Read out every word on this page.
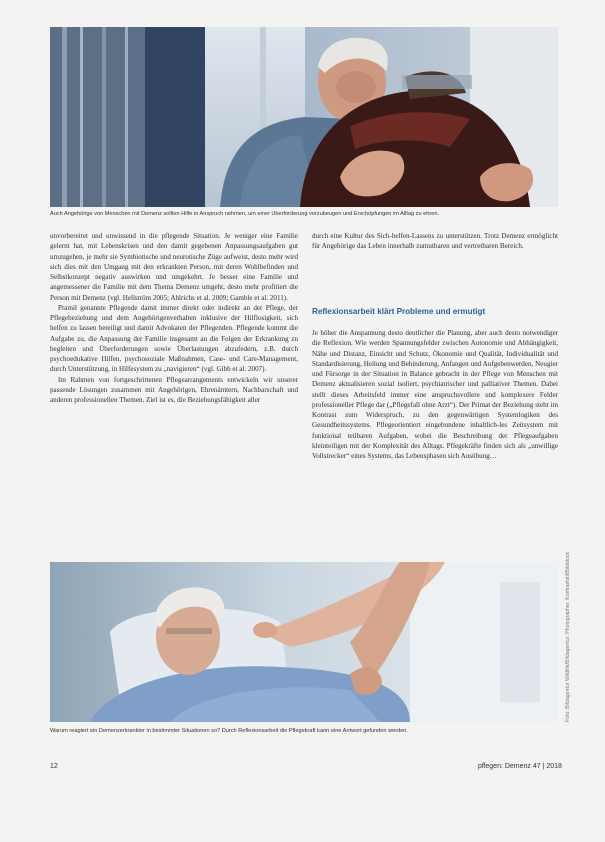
Auch Angehörige von Menschen mit Demenz sollten Hilfe in Anspruch nehmen, um einer Überforderung vorzubeugen und Erschöpfungen im Alltag zu ehren.

unvorbereitet und unwissend in die pflegende Situation. Je weniger eine Familie gelernt hat, mit Lebenskrisen und den damit gegebenen Anpassungsaufgaben gut umzugehen, je mehr sie Symbiotische und neurotische Züge aufweist, desto mehr wird sich dies mit den Umgang mit den erkrankten Person, mit deren Wohlbefinden und Selbstkonzept negativ auswirken und umgekehrt. Je besser eine Familie und angemessener die Familie mit dem Thema Demenz umgeht, desto mehr profitiert die Person mit Demenz (vgl. Hellström 2005; Ahlrichs et al. 2009; Gamble et al. 2011).

Pramil genannte Pflegende damit immer direkt oder indirekt an der Pflege, der Pflegebeziehung und dem Angehörigenverhalten inklusive der Hilflosigkeit, sich helfen zu lassen beteiligt und damit Advokaten der Pflegenden. Pflegende kommt die Aufgabe zu, die Anpassung der Familie insgesamt an die Folgen der Erkrankung zu begleiten und Überforderungen sowie Überlastungen abzufedern, z.B. durch psychoedukative Hilfen, psychosoziale Maßnahmen, Case- und Care-Management, durch Unterstützung, in Hilfesystem zu „navigieren“ (vgl. Gibb et al. 2007).

Im Rahmen von fortgeschrittenen Pflegearrangements entwickeln wir unserer passende Lösungen zusammen mit Angehörigen, Ehrenämtern, Nachbarschaft und anderen professionellen Themen. Ziel ist es, die Beziehungsfähigkeit aller

durch eine Kultur des Sich-helfen-Lassens zu unterstützen. Trotz Demenz ermöglicht für Angehörige das Leben innerhalb zumutbaren und vertretbaren Bereich.
Reflexionsarbeit klärt Probleme und ermutigt
Je höher die Anspannung desto deutlicher die Planung, aber auch desto notwendiger die Reflexion. Wie werden Spannungsfelder zwischen Autonomie und Abhängigkeit, Nähe und Distanz, Einsicht und Schutz, Ökonomie und Qualität, Individualität und Standardisierung, Heilung und Behinderung, Anfangen und Aufgebenwerden, Neugier und Fürsorge in der Situation in Balance gebracht in der Pflege von Menschen mit Demenz aktualisieren sozial isoliert, psychiatrischer und palliativer Themen. Dabei stellt dieses Arbeitsfeld immer eine anspruchsvollere und komplexere Felder professioneller Pflege dar („Pflegefall ohne Arzt“). Der Primat der Beziehung steht im Kontrast zum Widerspruch, zu den gegenwärtigen Systemlogiken des Gesundheitssystems. Pflegeorientiert eingebundene inhaltlich-les Zeitsystem mit funktional teilbaren Aufgaben, wobei die Beschreibung der Pflegeaufgaben kleinteiligen mit der Komplexität des Alltags. Pflegekräfte finden sich als „unwillige Vollstrecker“ eines Systems, das Lebensphasen sich Ausübung…
Foto: Bildagentur Wildlife/Bildagentur: Photographer. Kontraststil/Bildstock
Warum reagiert ein Demenzerkrankter in bestimmter Situationen so? Durch Reflexionsarbeit die Pflegekraft kann eine Antwort gefunden werden.
12	pflegen: Demenz 47 | 2018
